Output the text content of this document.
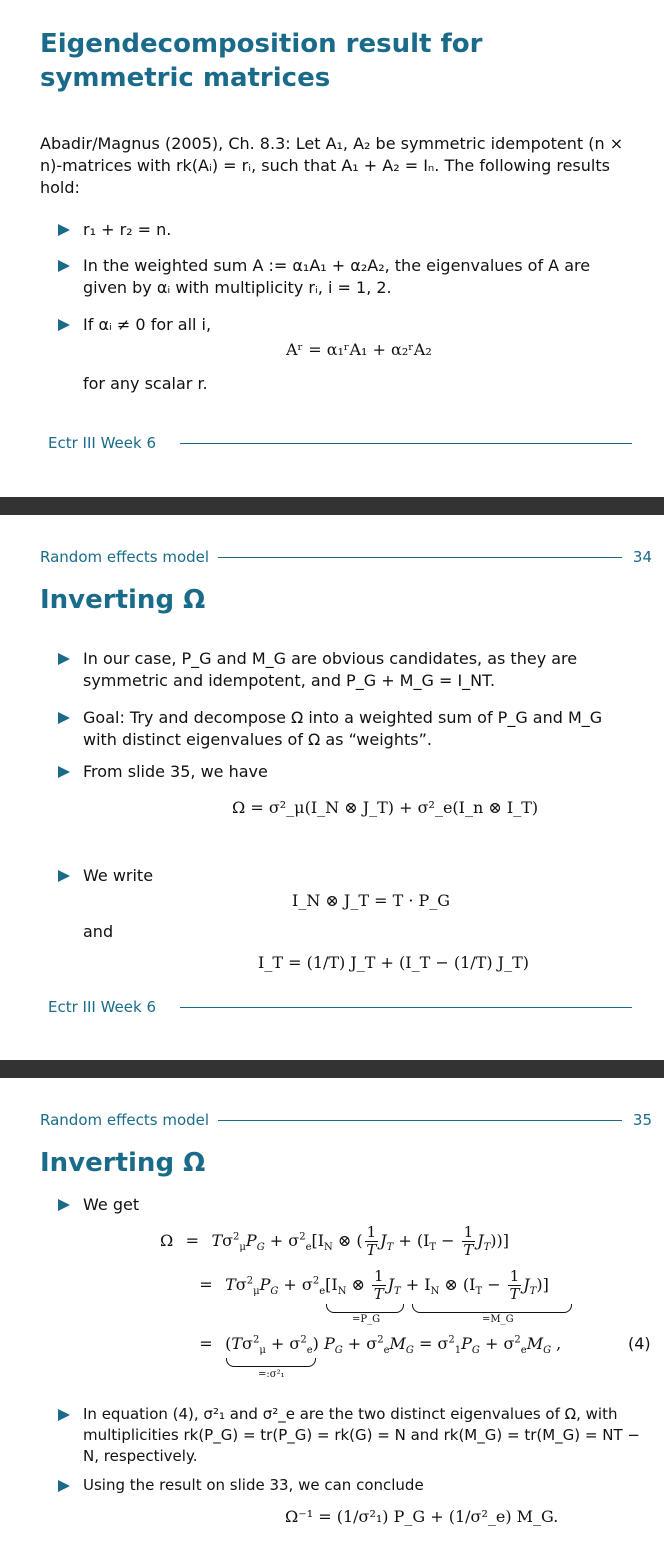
Eigendecomposition result for symmetric matrices
Abadir/Magnus (2005), Ch. 8.3: Let A₁, A₂ be symmetric idempotent (n × n)-matrices with rk(Aᵢ) = rᵢ, such that A₁ + A₂ = Iₙ. The following results hold:
r₁ + r₂ = n.
In the weighted sum A := α₁A₁ + α₂A₂, the eigenvalues of A are given by αᵢ with multiplicity rᵢ, i = 1, 2.
If αᵢ ≠ 0 for all i,
Aʳ = α₁ʳA₁ + α₂ʳA₂
for any scalar r.
Ectr III Week 6
Random effects model	34
Inverting Ω
In our case, P_G and M_G are obvious candidates, as they are symmetric and idempotent, and P_G + M_G = I_NT.
Goal: Try and decompose Ω into a weighted sum of P_G and M_G with distinct eigenvalues of Ω as “weights”.
From slide 35, we have
Ω = σ²_μ(I_N ⊗ J_T) + σ²_e(I_n ⊗ I_T)
We write
I_N ⊗ J_T = T · P_G
and
I_T = (1/T) J_T + (I_T − (1/T) J_T)
Ectr III Week 6
Random effects model	35
Inverting Ω
We get
$\Omega = T\sigma^2_\mu P_G + \sigma^2_e[I_N$ ⊗ ( $\frac{1}{T} J_T + (I_T - \frac{1}{T} J_T)$)]
= $T\sigma^2_\mu P_G + \sigma^2_e[I_N$ ⊗ $\frac{1}{T} J_T + I_N$ ⊗ $(I_T - \frac{1}{T} J_T)$]
=P_G	=M_G
= $(T\sigma^2_\mu + \sigma^2_e) P_G + \sigma^2_eM_G = \sigma^2_1P_G + \sigma^2_eM_G$ ,
=:σ²₁
(4)
In equation (4), σ²₁ and σ²_e are the two distinct eigenvalues of Ω, with multiplicities rk(P_G) = tr(P_G) = rk(G) = N and rk(M_G) = tr(M_G) = NT − N, respectively.
Using the result on slide 33, we can conclude
Ω⁻¹ = (1/σ²₁) P_G + (1/σ²_e) M_G.
